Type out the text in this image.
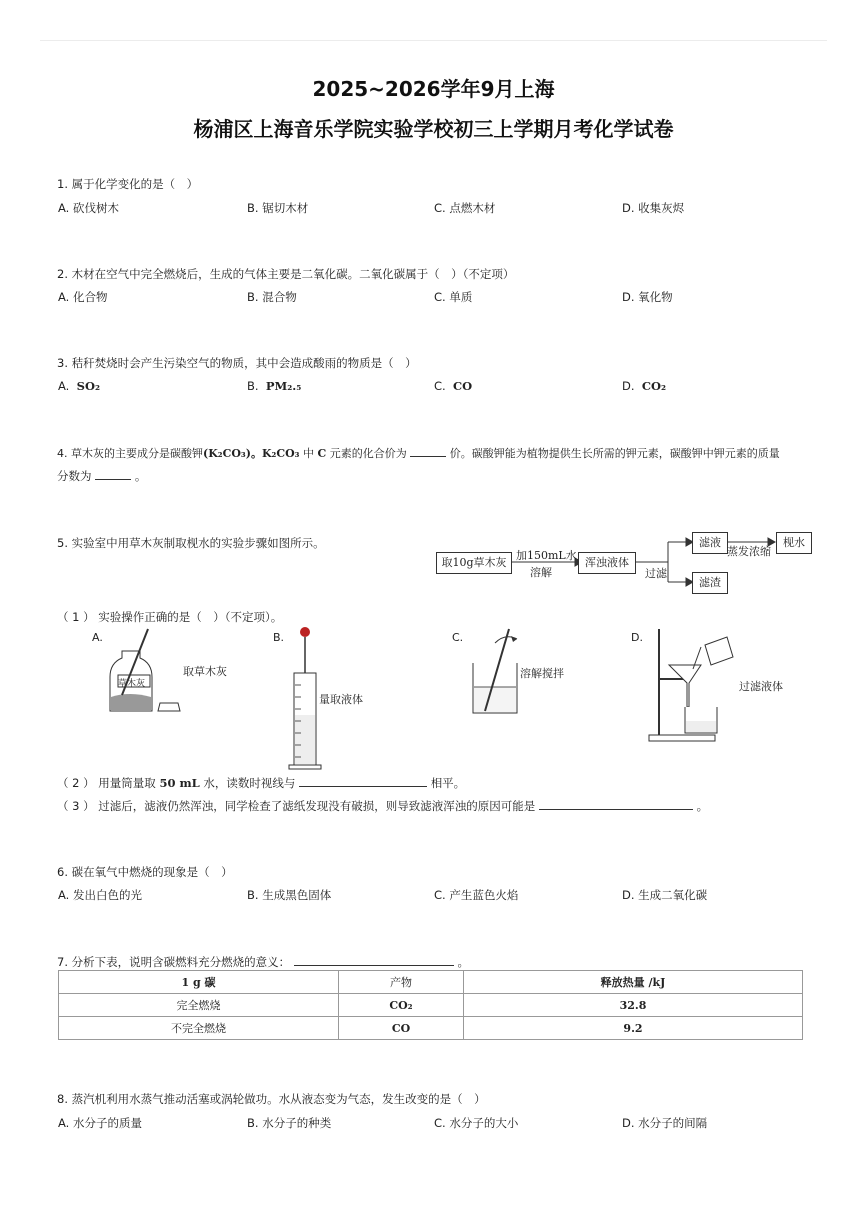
2025~2026学年9月上海
杨浦区上海音乐学院实验学校初三上学期月考化学试卷
1. 属于化学变化的是（　）
A. 砍伐树木	B. 锯切木材	C. 点燃木材	D. 收集灰烬
2. 木材在空气中完全燃烧后，生成的气体主要是二氧化碳。二氧化碳属于（　）（不定项）
A. 化合物	B. 混合物	C. 单质	D. 氧化物
3. 秸秆焚烧时会产生污染空气的物质，其中会造成酸雨的物质是（　）
A. SO₂	B. PM₂.₅	C. CO	D. CO₂
4. 草木灰的主要成分是碳酸钾(K₂CO₃)。K₂CO₃ 中 C 元素的化合价为	价。碳酸钾能为植物提供生长所需的钾元素，碳酸钾中钾元素的质量
分数为	。
5. 实验室中用草木灰制取枧水的实验步骤如图所示。
取10g草木灰
加150mL水
溶解
浑浊液体
过滤
滤液
蒸发浓缩
枧水
滤渣
（ 1 ） 实验操作正确的是（　）（不定项）。
A.
草木灰
取草木灰
B.
量取液体
C.
溶解搅拌
D.
过滤液体
（ 2 ） 用量筒量取 50 mL 水，读数时视线与	相平。
（ 3 ） 过滤后，滤液仍然浑浊，同学检查了滤纸发现没有破损，则导致滤液浑浊的原因可能是	。
6. 碳在氧气中燃烧的现象是（　）
A. 发出白色的光	B. 生成黑色固体	C. 产生蓝色火焰	D. 生成二氧化碳
7. 分析下表，说明含碳燃料充分燃烧的意义：	。
1 g 碳	产物	释放热量 /kJ
完全燃烧	CO₂	32.8
不完全燃烧	CO	9.2
8. 蒸汽机利用水蒸气推动活塞或涡轮做功。水从液态变为气态，发生改变的是（　）
A. 水分子的质量	B. 水分子的种类	C. 水分子的大小	D. 水分子的间隔
